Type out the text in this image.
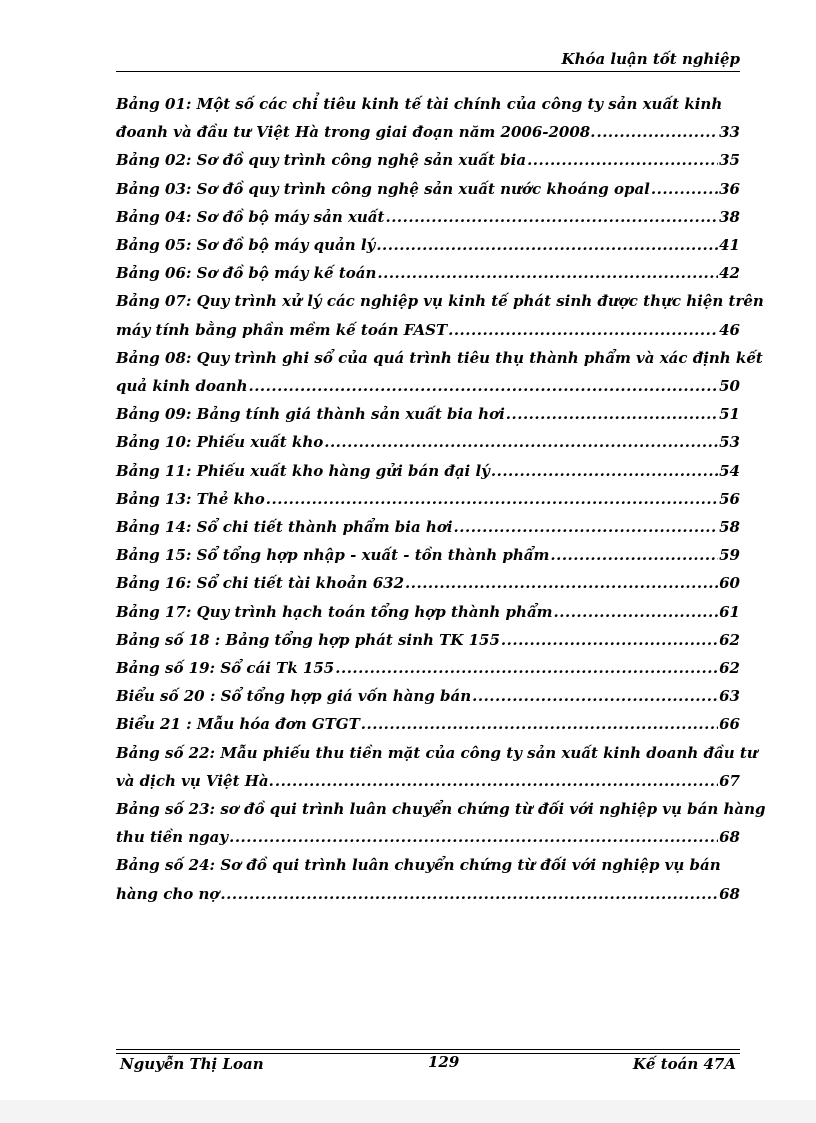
Khóa luận tốt nghiệp
Bảng 01: Một số các chỉ tiêu kinh tế tài chính của công ty sản xuất kinh
đoanh và đầu tư Việt Hà trong giai đoạn năm 2006-2008. .....	33
Bảng 02: Sơ đồ quy trình công nghệ sản xuất bia .....	35
Bảng 03: Sơ đồ quy trình công nghệ sản xuất nước khoáng opal .....	36
Bảng 04: Sơ đồ bộ máy sản xuất .....	38
Bảng 05: Sơ đồ bộ máy quản lý .....	41
Bảng 06: Sơ đồ bộ máy kế toán .....	42
Bảng 07: Quy trình xử lý các nghiệp vụ kinh tế phát sinh được thực hiện trên
máy tính bằng phần mềm kế toán FAST .....	46
Bảng 08: Quy trình ghi sổ của quá trình tiêu thụ thành phẩm và xác định kết
quả kinh doanh .....	50
Bảng 09: Bảng tính giá thành sản xuất bia hơi .....	51
Bảng 10: Phiếu xuất kho .....	53
Bảng 11: Phiếu xuất kho hàng gửi bán đại lý .....	54
Bảng 13: Thẻ kho .....	56
Bảng 14: Sổ chi tiết thành phẩm bia hơi .....	58
Bảng 15: Sổ tổng hợp nhập - xuất - tồn thành phẩm .....	59
Bảng 16: Sổ chi tiết tài khoản 632 .....	60
Bảng 17: Quy trình hạch toán tổng hợp thành phẩm .....	61
Bảng số 18 : Bảng tổng hợp phát sinh TK 155 .....	62
Bảng số 19: Sổ cái Tk 155 .....	62
Biểu số 20 : Sổ tổng hợp giá vốn hàng bán .....	63
Biểu 21 : Mẫu hóa đơn GTGT .....	66
Bảng số 22: Mẫu phiếu thu tiền mặt của công ty sản xuất kinh doanh đầu tư
và dịch vụ Việt Hà. .....	67
Bảng số 23: sơ đồ qui trình luân chuyển chứng từ đối với nghiệp vụ bán hàng
thu tiền ngay .....	68
Bảng số 24: Sơ đồ qui trình luân chuyển chứng từ đối với nghiệp vụ bán
hàng cho nợ .....	68
Nguyễn Thị Loan	129	Kế toán 47A
